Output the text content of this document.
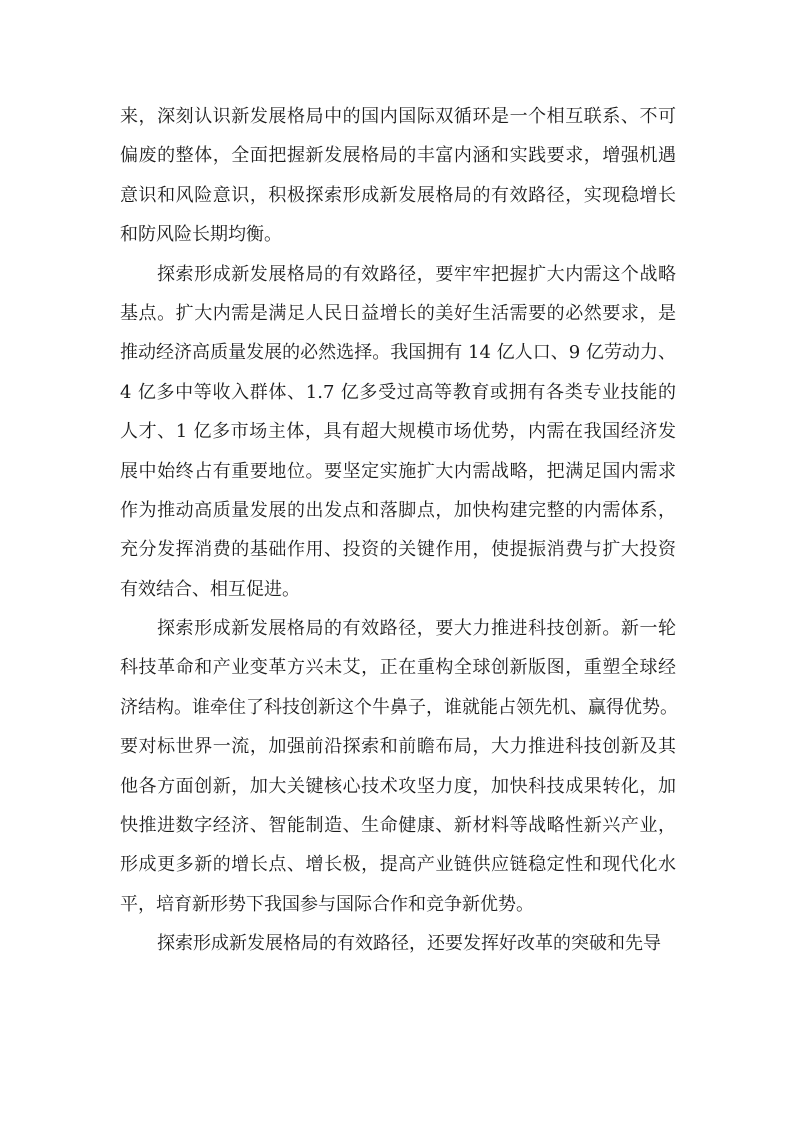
来，深刻认识新发展格局中的国内国际双循环是一个相互联系、不可
偏废的整体，全面把握新发展格局的丰富内涵和实践要求，增强机遇
意识和风险意识，积极探索形成新发展格局的有效路径，实现稳增长
和防风险长期均衡。
探索形成新发展格局的有效路径，要牢牢把握扩大内需这个战略
基点。扩大内需是满足人民日益增长的美好生活需要的必然要求，是
推动经济高质量发展的必然选择。我国拥有 14 亿人口、9 亿劳动力、
4 亿多中等收入群体、1.7 亿多受过高等教育或拥有各类专业技能的
人才、1 亿多市场主体，具有超大规模市场优势，内需在我国经济发
展中始终占有重要地位。要坚定实施扩大内需战略，把满足国内需求
作为推动高质量发展的出发点和落脚点，加快构建完整的内需体系，
充分发挥消费的基础作用、投资的关键作用，使提振消费与扩大投资
有效结合、相互促进。
探索形成新发展格局的有效路径，要大力推进科技创新。新一轮
科技革命和产业变革方兴未艾，正在重构全球创新版图，重塑全球经
济结构。谁牵住了科技创新这个牛鼻子，谁就能占领先机、赢得优势。
要对标世界一流，加强前沿探索和前瞻布局，大力推进科技创新及其
他各方面创新，加大关键核心技术攻坚力度，加快科技成果转化，加
快推进数字经济、智能制造、生命健康、新材料等战略性新兴产业，
形成更多新的增长点、增长极，提高产业链供应链稳定性和现代化水
平，培育新形势下我国参与国际合作和竞争新优势。
探索形成新发展格局的有效路径，还要发挥好改革的突破和先导
